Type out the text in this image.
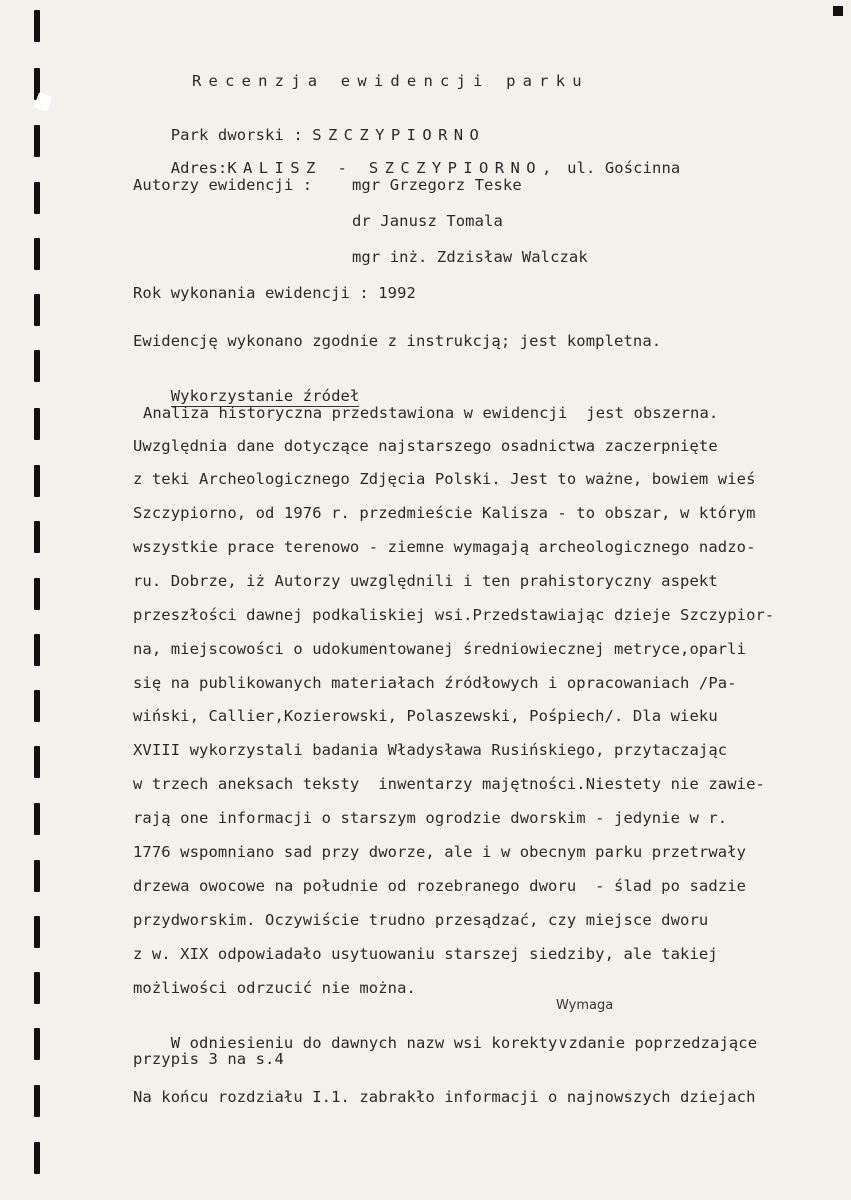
Recenzja ewidencji parku

Park dworski : SZCZYPIORNO

Adres:KALISZ - SZCZYPIORNO, ul. Gościnna

Autorzy ewidencji :	mgr Grzegorz Teske
dr Janusz Tomala
mgr inż. Zdzisław Walczak
Rok wykonania ewidencji : 1992
Ewidencję wykonano zgodnie z instrukcją; jest kompletna.

Wykorzystanie źródeł

Analiza historyczna przedstawiona w ewidencji  jest obszerna.
Uwzględnia dane dotyczące najstarszego osadnictwa zaczerpnięte
z teki Archeologicznego Zdjęcia Polski. Jest to ważne, bowiem wieś
Szczypiorno, od 1976 r. przedmieście Kalisza - to obszar, w którym
wszystkie prace terenowo - ziemne wymagają archeologicznego nadzo-
ru. Dobrze, iż Autorzy uwzględnili i ten prahistoryczny aspekt
przeszłości dawnej podkaliskiej wsi.Przedstawiając dzieje Szczypior-
na, miejscowości o udokumentowanej średniowiecznej metryce,oparli
się na publikowanych materiałach źródłowych i opracowaniach /Pa-
wiński, Callier,Kozierowski, Polaszewski, Pośpiech/. Dla wieku
XVIII wykorzystali badania Władysława Rusińskiego, przytaczając
w trzech aneksach teksty  inwentarzy majętności.Niestety nie zawie-
rają one informacji o starszym ogrodzie dworskim - jedynie w r.
1776 wspomniano sad przy dworze, ale i w obecnym parku przetrwały
drzewa owocowe na południe od rozebranego dworu  - ślad po sadzie
przydworskim. Oczywiście trudno przesądzać, czy miejsce dworu
z w. XIX odpowiadało usytuowaniu starszej siedziby, ale takiej
możliwości odrzucić nie można.
Wymaga

W odniesieniu do dawnych nazw wsi korekty∨zdanie poprzedzające

przypis 3 na s.4
Na końcu rozdziału I.1. zabrakło informacji o najnowszych dziejach
